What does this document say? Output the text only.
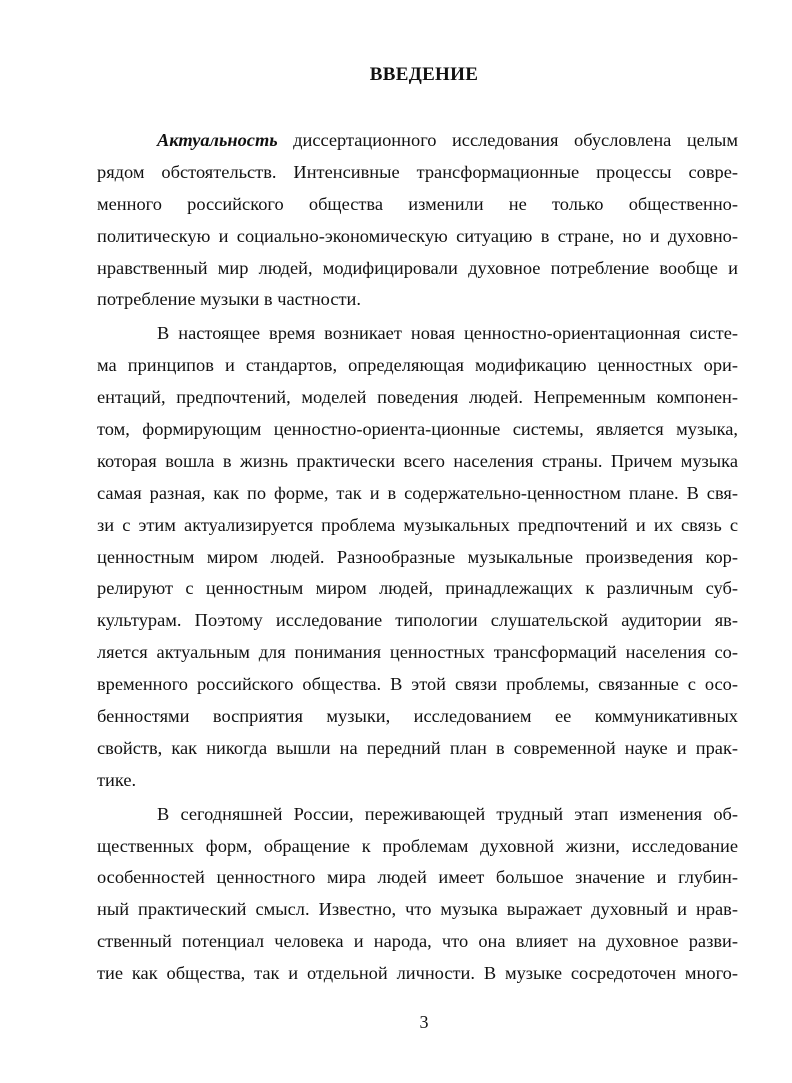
ВВЕДЕНИЕ
Актуальность диссертационного исследования обусловлена целым
рядом обстоятельств. Интенсивные трансформационные процессы совре-
менного российского общества изменили не только общественно-
политическую и социально-экономическую ситуацию в стране, но и духовно-
нравственный мир людей, модифицировали духовное потребление вообще и
потребление музыки в частности.
В настоящее время возникает новая ценностно-ориентационная систе-
ма принципов и стандартов, определяющая модификацию ценностных ори-
ентаций, предпочтений, моделей поведения людей. Непременным компонен-
том, формирующим ценностно-ориента-ционные системы, является музыка,
которая вошла в жизнь практически всего населения страны. Причем музыка
самая разная, как по форме, так и в содержательно-ценностном плане. В свя-
зи с этим актуализируется проблема музыкальных предпочтений и их связь с
ценностным миром людей. Разнообразные музыкальные произведения кор-
релируют с ценностным миром людей, принадлежащих к различным суб-
культурам. Поэтому исследование типологии слушательской аудитории яв-
ляется актуальным для понимания ценностных трансформаций населения со-
временного российского общества. В этой связи проблемы, связанные с осо-
бенностями восприятия музыки, исследованием ее коммуникативных
свойств, как никогда вышли на передний план в современной науке и прак-
тике.
В сегодняшней России, переживающей трудный этап изменения об-
щественных форм, обращение к проблемам духовной жизни, исследование
особенностей ценностного мира людей имеет большое значение и глубин-
ный практический смысл. Известно, что музыка выражает духовный и нрав-
ственный потенциал человека и народа, что она влияет на духовное разви-
тие как общества, так и отдельной личности. В музыке сосредоточен много-
3
